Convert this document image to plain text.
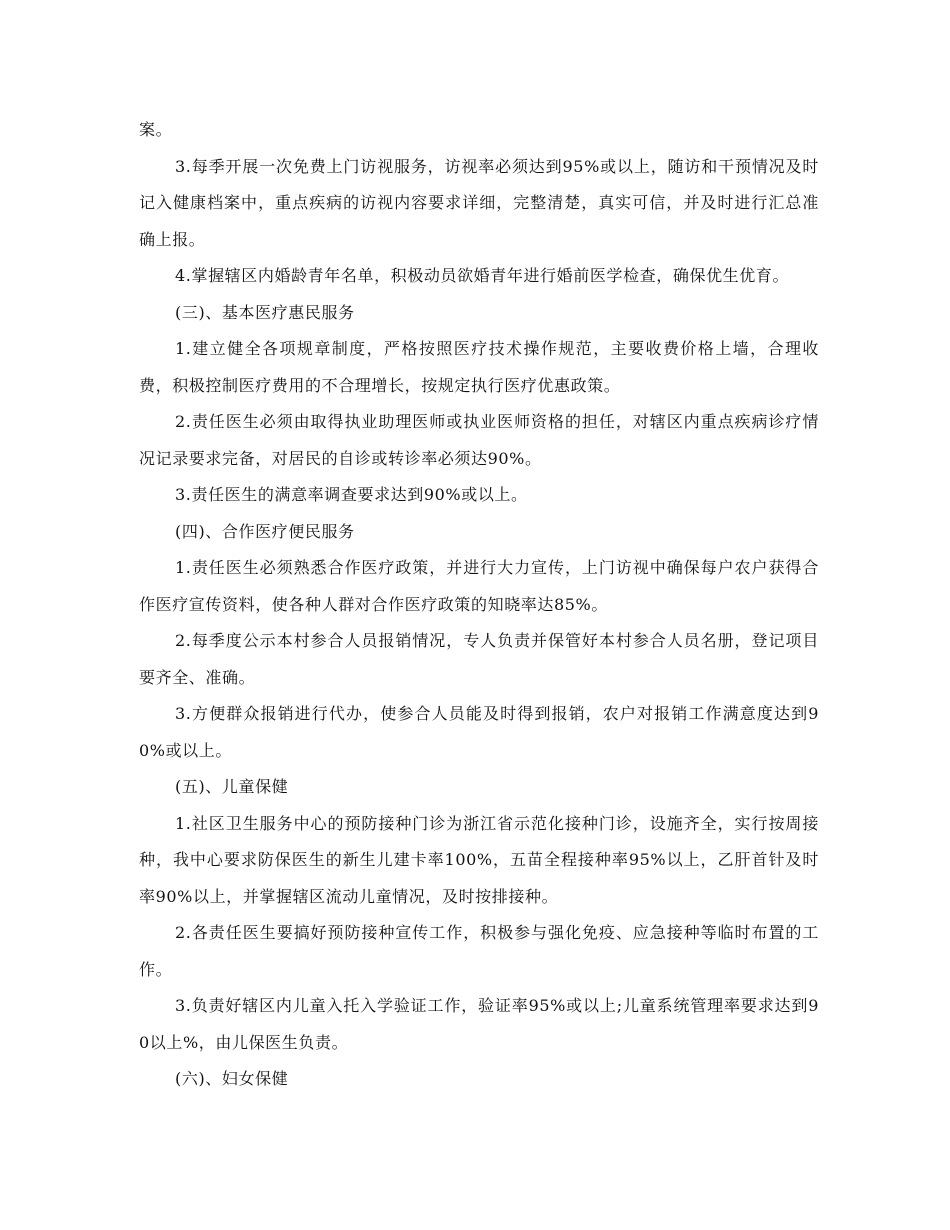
案。

3.每季开展一次免费上门访视服务，访视率必须达到95%或以上，随访和干预情况及时记入健康档案中，重点疾病的访视内容要求详细，完整清楚，真实可信，并及时进行汇总准确上报。

4.掌握辖区内婚龄青年名单，积极动员欲婚青年进行婚前医学检查，确保优生优育。

(三)、基本医疗惠民服务

1.建立健全各项规章制度，严格按照医疗技术操作规范，主要收费价格上墙，合理收费，积极控制医疗费用的不合理增长，按规定执行医疗优惠政策。

2.责任医生必须由取得执业助理医师或执业医师资格的担任，对辖区内重点疾病诊疗情况记录要求完备，对居民的自诊或转诊率必须达90%。

3.责任医生的满意率调查要求达到90%或以上。

(四)、合作医疗便民服务

1.责任医生必须熟悉合作医疗政策，并进行大力宣传，上门访视中确保每户农户获得合作医疗宣传资料，使各种人群对合作医疗政策的知晓率达85%。

2.每季度公示本村参合人员报销情况，专人负责并保管好本村参合人员名册，登记项目要齐全、准确。

3.方便群众报销进行代办，使参合人员能及时得到报销，农户对报销工作满意度达到90%或以上。

(五)、儿童保健

1.社区卫生服务中心的预防接种门诊为浙江省示范化接种门诊，设施齐全，实行按周接种，我中心要求防保医生的新生儿建卡率100%，五苗全程接种率95%以上，乙肝首针及时率90%以上，并掌握辖区流动儿童情况，及时按排接种。

2.各责任医生要搞好预防接种宣传工作，积极参与强化免疫、应急接种等临时布置的工作。

3.负责好辖区内儿童入托入学验证工作，验证率95%或以上;儿童系统管理率要求达到90以上%，由儿保医生负责。

(六)、妇女保健
